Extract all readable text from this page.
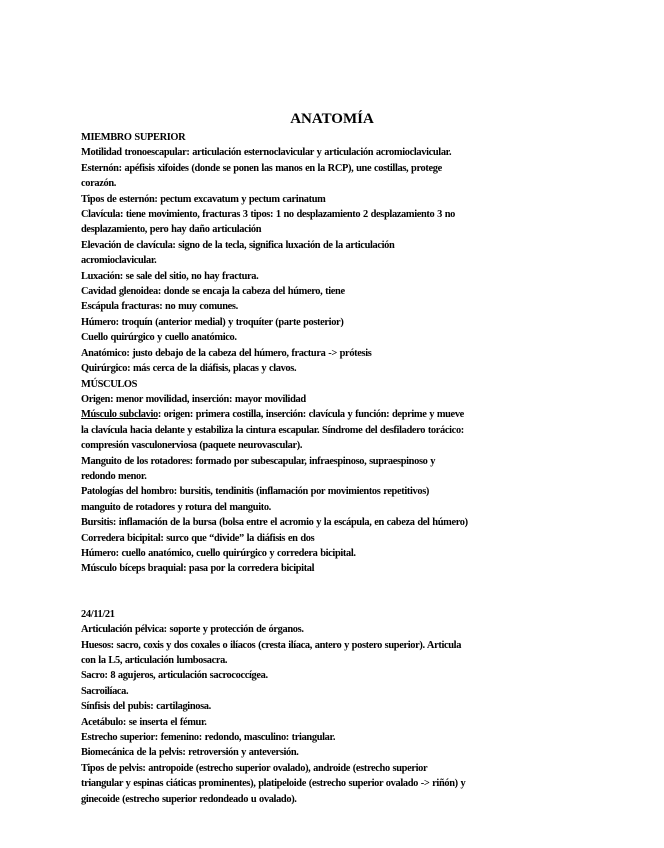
ANATOMÍA
MIEMBRO SUPERIOR
Motilidad tronoescapular: articulación esternoclavicular y articulación acromioclavicular.
Esternón: apéfisis xifoides (donde se ponen las manos en la RCP), une costillas, protege
corazón.
Tipos de esternón: pectum excavatum y pectum carinatum
Clavícula: tiene movimiento, fracturas 3 tipos: 1 no desplazamiento 2 desplazamiento 3 no
desplazamiento, pero hay daño articulación
Elevación de clavícula: signo de la tecla, significa luxación de la articulación
acromioclavicular.
Luxación: se sale del sitio, no hay fractura.
Cavidad glenoidea: donde se encaja la cabeza del húmero, tiene
Escápula fracturas: no muy comunes.
Húmero: troquín (anterior medial) y troquíter (parte posterior)
Cuello quirúrgico y cuello anatómico.
Anatómico: justo debajo de la cabeza del húmero, fractura -> prótesis
Quirúrgico: más cerca de la diáfisis, placas y clavos.
MÚSCULOS
Origen: menor movilidad, inserción: mayor movilidad
Músculo subclavio: origen: primera costilla, inserción: clavícula y función: deprime y mueve
la clavícula hacia delante y estabiliza la cintura escapular. Síndrome del desfiladero torácico:
compresión vasculonerviosa (paquete neurovascular).
Manguito de los rotadores: formado por subescapular, infraespinoso, supraespinoso y
redondo menor.
Patologías del hombro: bursitis, tendinitis (inflamación por movimientos repetitivos)
manguito de rotadores y rotura del manguito.
Bursitis: inflamación de la bursa (bolsa entre el acromio y la escápula, en cabeza del húmero)
Corredera bicipital: surco que “divide” la diáfisis en dos
Húmero: cuello anatómico, cuello quirúrgico y corredera bicipital.
Músculo bíceps braquial: pasa por la corredera bicipital
24/11/21
Articulación pélvica: soporte y protección de órganos.
Huesos: sacro, coxis y dos coxales o ilíacos (cresta ilíaca, antero y postero superior). Articula
con la L5, articulación lumbosacra.
Sacro: 8 agujeros, articulación sacrococcígea.
Sacroilíaca.
Sínfisis del pubis: cartilaginosa.
Acetábulo: se inserta el fémur.
Estrecho superior: femenino: redondo, masculino: triangular.
Biomecánica de la pelvis: retroversión y anteversión.
Tipos de pelvis: antropoide (estrecho superior ovalado), androide (estrecho superior
triangular y espinas ciáticas prominentes), platipeloide (estrecho superior ovalado -> riñón) y
ginecoide (estrecho superior redondeado u ovalado).
